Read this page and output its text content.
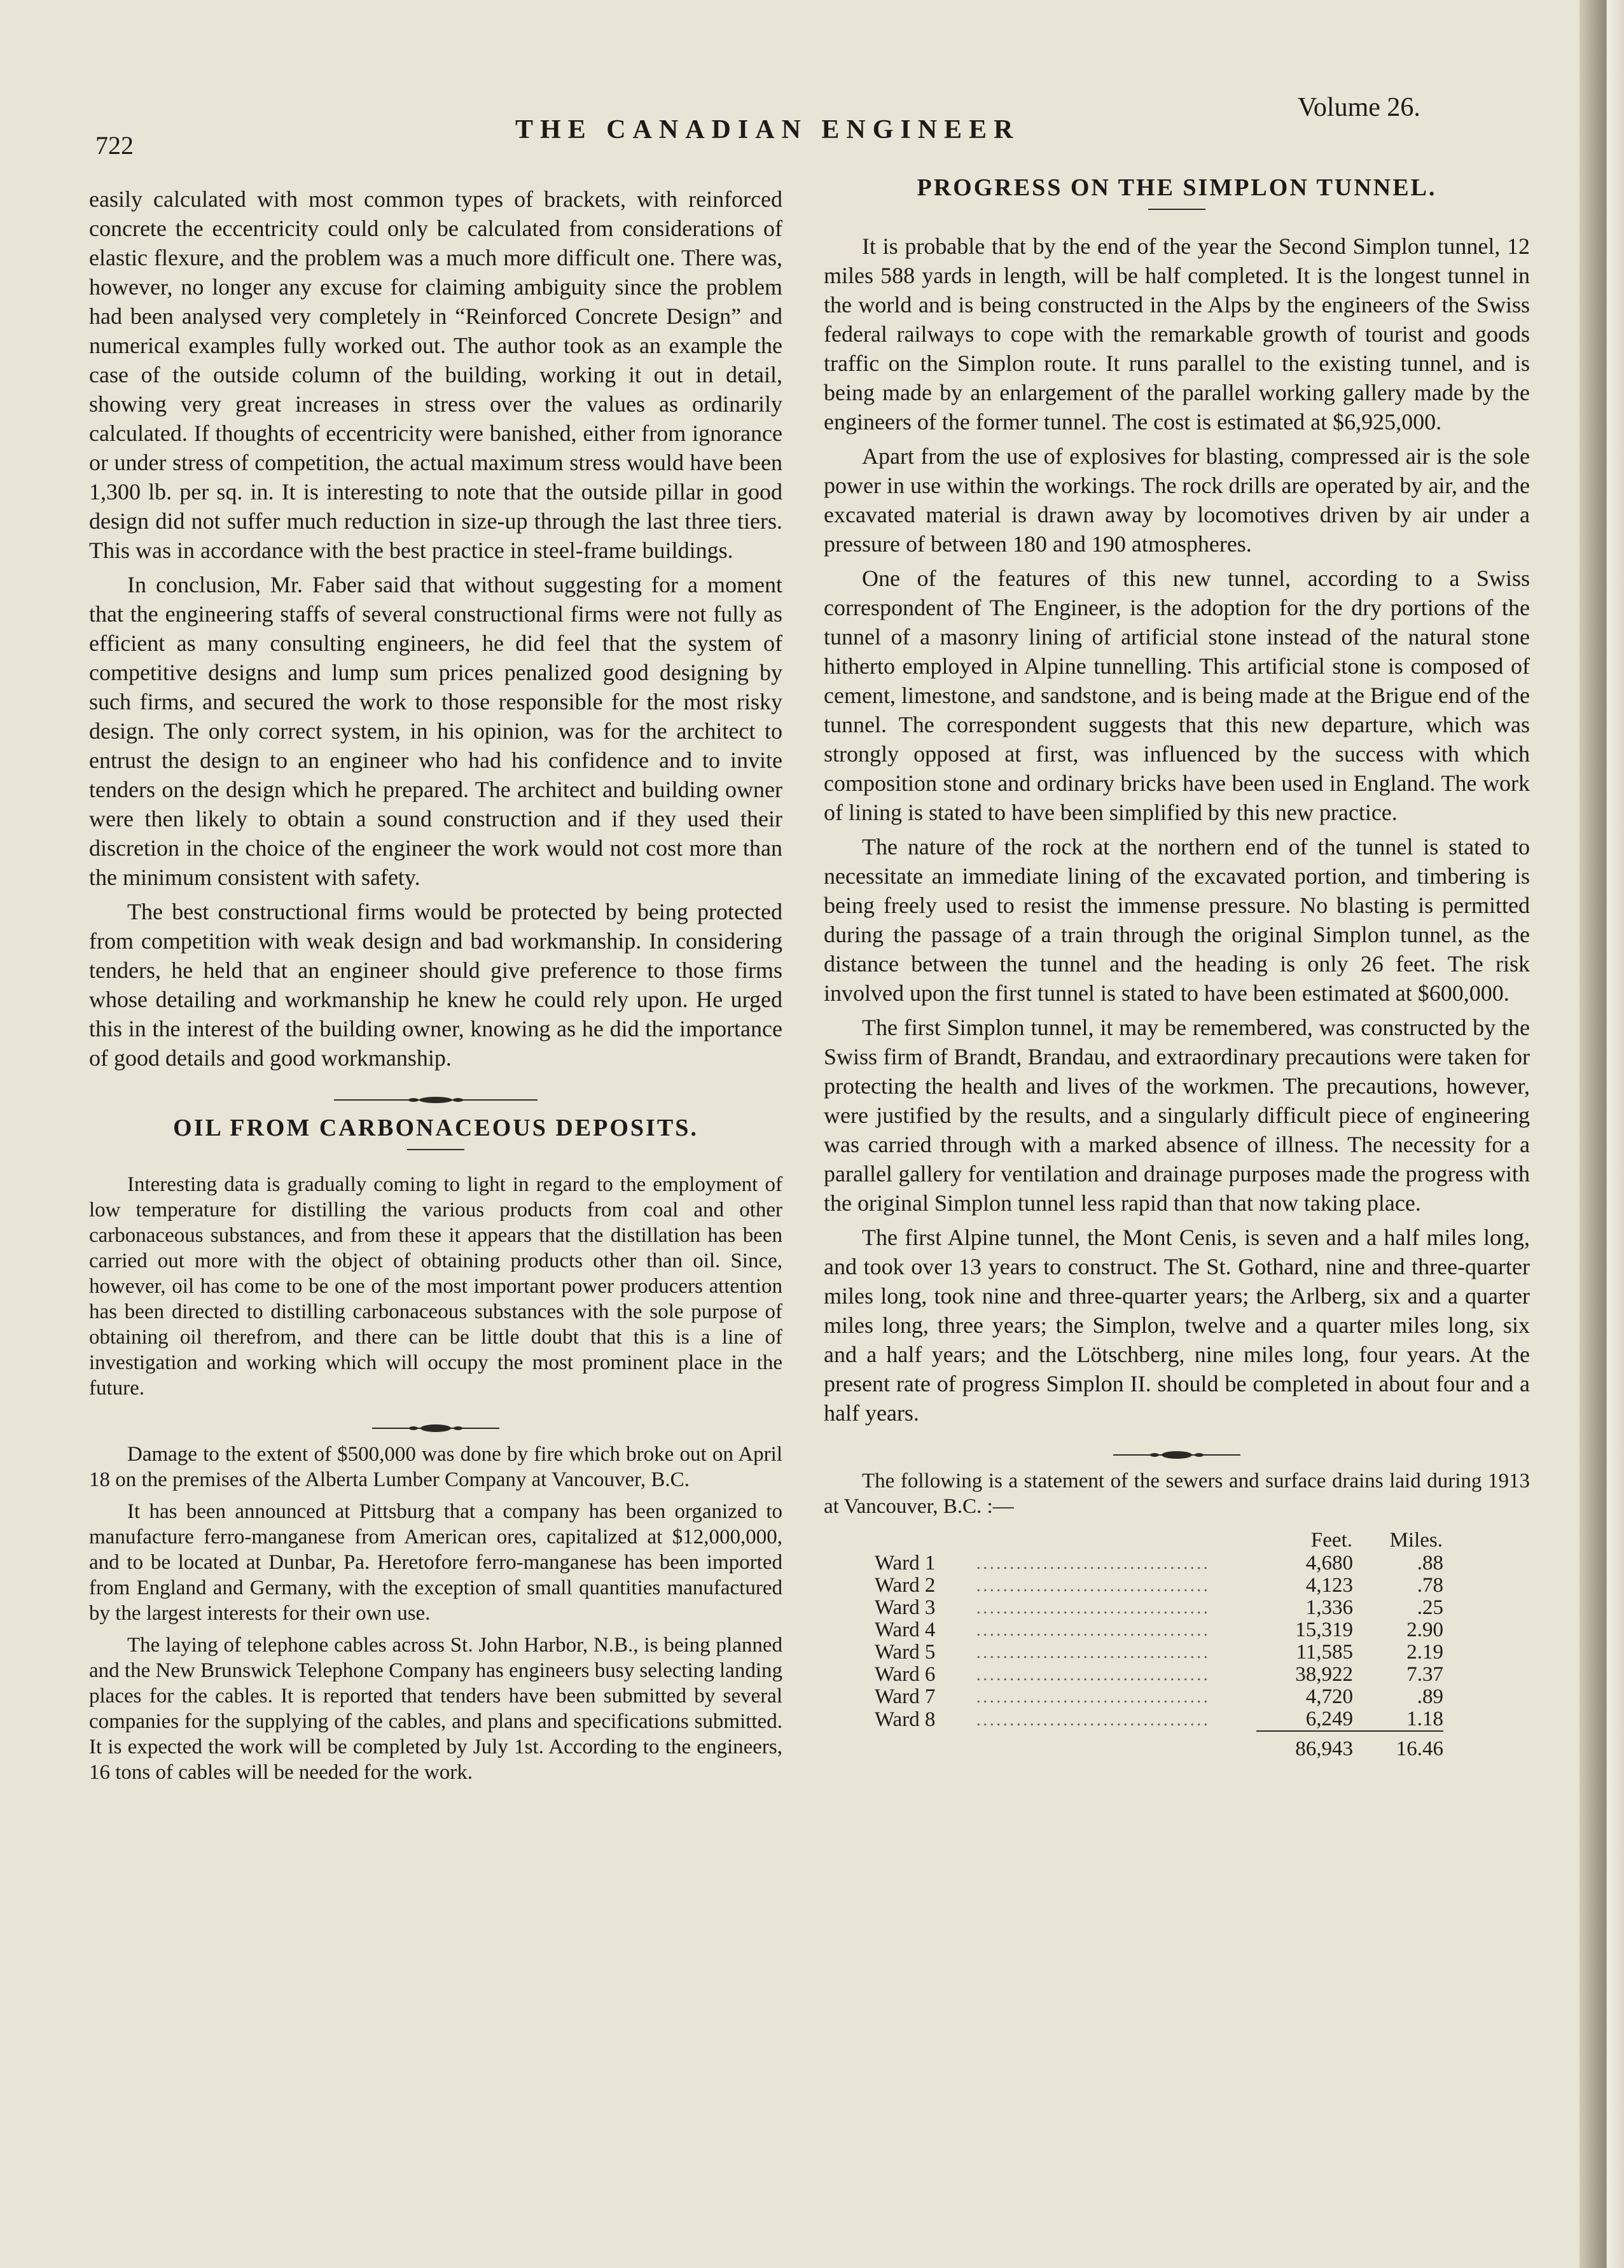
722
THE CANADIAN ENGINEER
Volume 26.

easily calculated with most common types of brackets, with reinforced concrete the eccentricity could only be calculated from considerations of elastic flexure, and the problem was a much more difficult one. There was, however, no longer any excuse for claiming ambiguity since the problem had been analysed very completely in “Reinforced Concrete Design” and numerical examples fully worked out. The author took as an example the case of the outside column of the building, working it out in detail, showing very great increases in stress over the values as ordinarily calculated. If thoughts of eccentricity were banished, either from ignorance or under stress of competition, the actual maximum stress would have been 1,300 lb. per sq. in. It is interesting to note that the outside pillar in good design did not suffer much reduction in size-up through the last three tiers. This was in accordance with the best practice in steel-frame buildings.

In conclusion, Mr. Faber said that without suggesting for a moment that the engineering staffs of several constructional firms were not fully as efficient as many consulting engineers, he did feel that the system of competitive designs and lump sum prices penalized good designing by such firms, and secured the work to those responsible for the most risky design. The only correct system, in his opinion, was for the architect to entrust the design to an engineer who had his confidence and to invite tenders on the design which he prepared. The architect and building owner were then likely to obtain a sound construction and if they used their discretion in the choice of the engineer the work would not cost more than the minimum consistent with safety.

The best constructional firms would be protected by being protected from competition with weak design and bad workmanship. In considering tenders, he held that an engineer should give preference to those firms whose detailing and workmanship he knew he could rely upon. He urged this in the interest of the building owner, knowing as he did the importance of good details and good workmanship.

OIL FROM CARBONACEOUS DEPOSITS.

Interesting data is gradually coming to light in regard to the employment of low temperature for distilling the various products from coal and other carbonaceous substances, and from these it appears that the distillation has been carried out more with the object of obtaining products other than oil. Since, however, oil has come to be one of the most important power producers attention has been directed to distilling carbonaceous substances with the sole purpose of obtaining oil therefrom, and there can be little doubt that this is a line of investigation and working which will occupy the most prominent place in the future.

Damage to the extent of $500,000 was done by fire which broke out on April 18 on the premises of the Alberta Lumber Company at Vancouver, B.C.

It has been announced at Pittsburg that a company has been organized to manufacture ferro-manganese from American ores, capitalized at $12,000,000, and to be located at Dunbar, Pa. Heretofore ferro-manganese has been imported from England and Germany, with the exception of small quantities manufactured by the largest interests for their own use.

The laying of telephone cables across St. John Harbor, N.B., is being planned and the New Brunswick Telephone Company has engineers busy selecting landing places for the cables. It is reported that tenders have been submitted by several companies for the supplying of the cables, and plans and specifications submitted. It is expected the work will be completed by July 1st. According to the engineers, 16 tons of cables will be needed for the work.

PROGRESS ON THE SIMPLON TUNNEL.

It is probable that by the end of the year the Second Simplon tunnel, 12 miles 588 yards in length, will be half completed. It is the longest tunnel in the world and is being constructed in the Alps by the engineers of the Swiss federal railways to cope with the remarkable growth of tourist and goods traffic on the Simplon route. It runs parallel to the existing tunnel, and is being made by an enlargement of the parallel working gallery made by the engineers of the former tunnel. The cost is estimated at $6,925,000.

Apart from the use of explosives for blasting, compressed air is the sole power in use within the workings. The rock drills are operated by air, and the excavated material is drawn away by locomotives driven by air under a pressure of between 180 and 190 atmospheres.

One of the features of this new tunnel, according to a Swiss correspondent of The Engineer, is the adoption for the dry portions of the tunnel of a masonry lining of artificial stone instead of the natural stone hitherto employed in Alpine tunnelling. This artificial stone is composed of cement, limestone, and sandstone, and is being made at the Brigue end of the tunnel. The correspondent suggests that this new departure, which was strongly opposed at first, was influenced by the success with which composition stone and ordinary bricks have been used in England. The work of lining is stated to have been simplified by this new practice.

The nature of the rock at the northern end of the tunnel is stated to necessitate an immediate lining of the excavated portion, and timbering is being freely used to resist the immense pressure. No blasting is permitted during the passage of a train through the original Simplon tunnel, as the distance between the tunnel and the heading is only 26 feet. The risk involved upon the first tunnel is stated to have been estimated at $600,000.

The first Simplon tunnel, it may be remembered, was constructed by the Swiss firm of Brandt, Brandau, and extraordinary precautions were taken for protecting the health and lives of the workmen. The precautions, however, were justified by the results, and a singularly difficult piece of engineering was carried through with a marked absence of illness. The necessity for a parallel gallery for ventilation and drainage purposes made the progress with the original Simplon tunnel less rapid than that now taking place.

The first Alpine tunnel, the Mont Cenis, is seven and a half miles long, and took over 13 years to construct. The St. Gothard, nine and three-quarter miles long, took nine and three-quarter years; the Arlberg, six and a quarter miles long, three years; the Simplon, twelve and a quarter miles long, six and a half years; and the Lötschberg, nine miles long, four years. At the present rate of progress Simplon II. should be completed in about four and a half years.

The following is a statement of the sewers and surface drains laid during 1913 at Vancouver, B.C. :—

		Feet.	Miles.
Ward 1	...................................	4,680	.88
Ward 2	...................................	4,123	.78
Ward 3	...................................	1,336	.25
Ward 4	...................................	15,319	2.90
Ward 5	...................................	11,585	2.19
Ward 6	...................................	38,922	7.37
Ward 7	...................................	4,720	.89
Ward 8	...................................	6,249	1.18
		86,943	16.46
